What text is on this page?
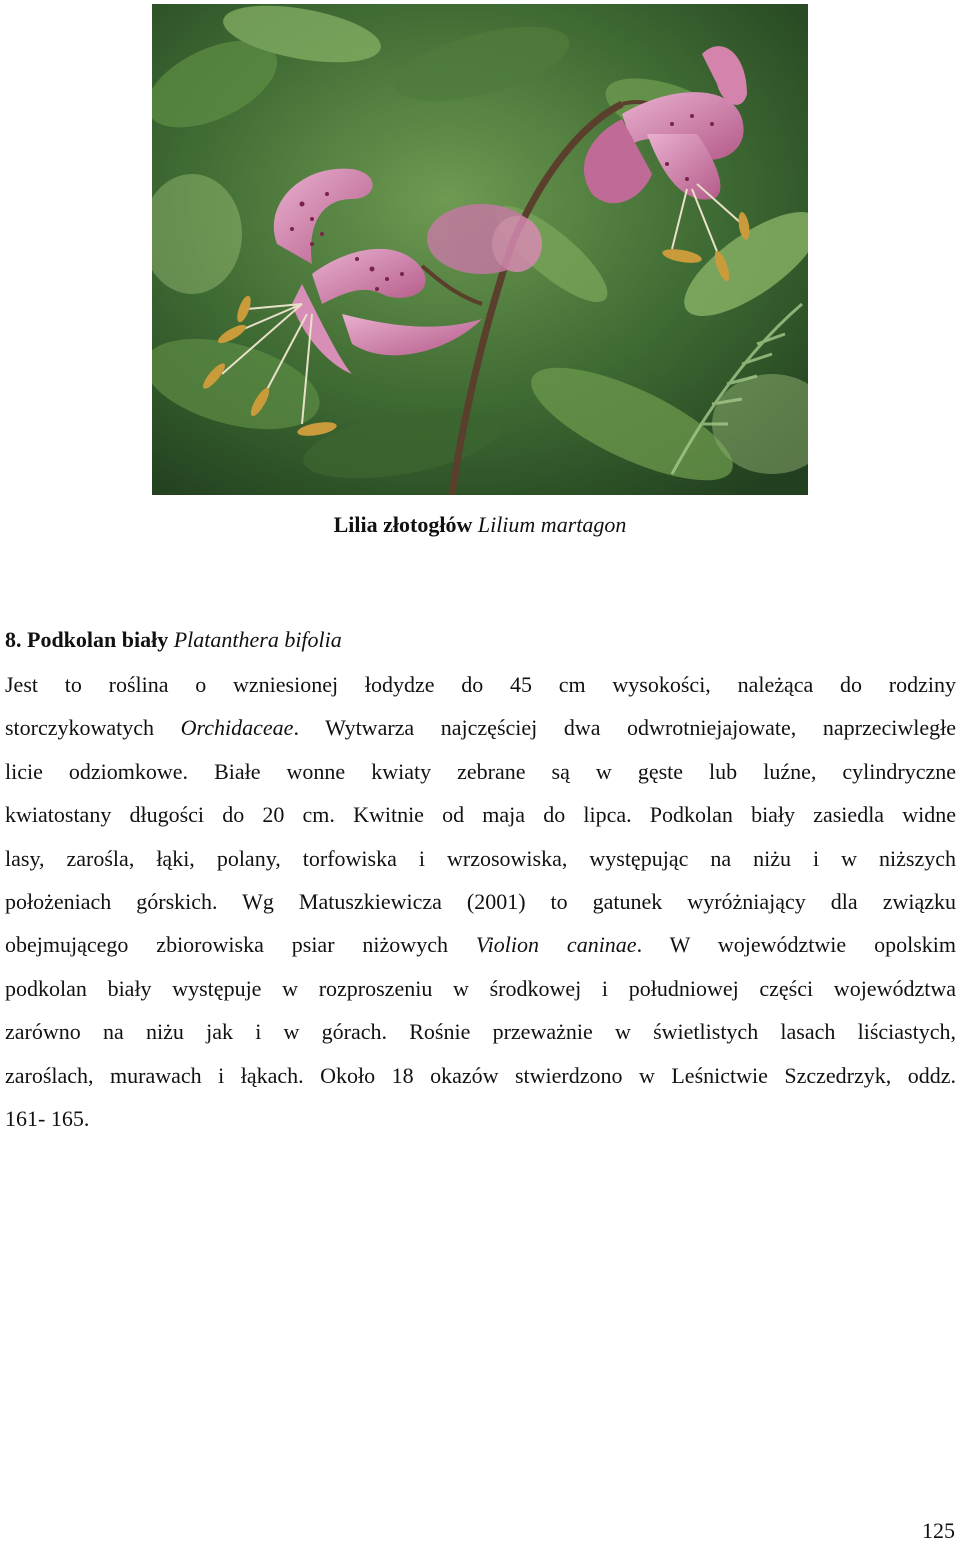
Lilia złotogłów Lilium martagon
8. Podkolan biały Platanthera bifolia
Jest to roślina o wzniesionej łodydze do 45 cm wysokości, należąca do rodziny
storczykowatych Orchidaceae. Wytwarza najczęściej dwa odwrotniejajowate, naprzeciwległe
licie odziomkowe. Białe wonne kwiaty zebrane są w gęste lub luźne, cylindryczne
kwiatostany długości do 20 cm. Kwitnie od maja do lipca. Podkolan biały zasiedla widne
lasy, zarośla, łąki, polany, torfowiska i wrzosowiska, występując na niżu i w niższych
położeniach górskich. Wg Matuszkiewicza (2001) to gatunek wyróżniający dla związku
obejmującego zbiorowiska psiar niżowych Violion caninae. W województwie opolskim
podkolan biały występuje w rozproszeniu w środkowej i południowej części województwa
zarówno na niżu jak i w górach. Rośnie przeważnie w świetlistych lasach liściastych,
zaroślach, murawach i łąkach. Około 18 okazów stwierdzono w Leśnictwie Szczedrzyk, oddz.
161- 165.
125
